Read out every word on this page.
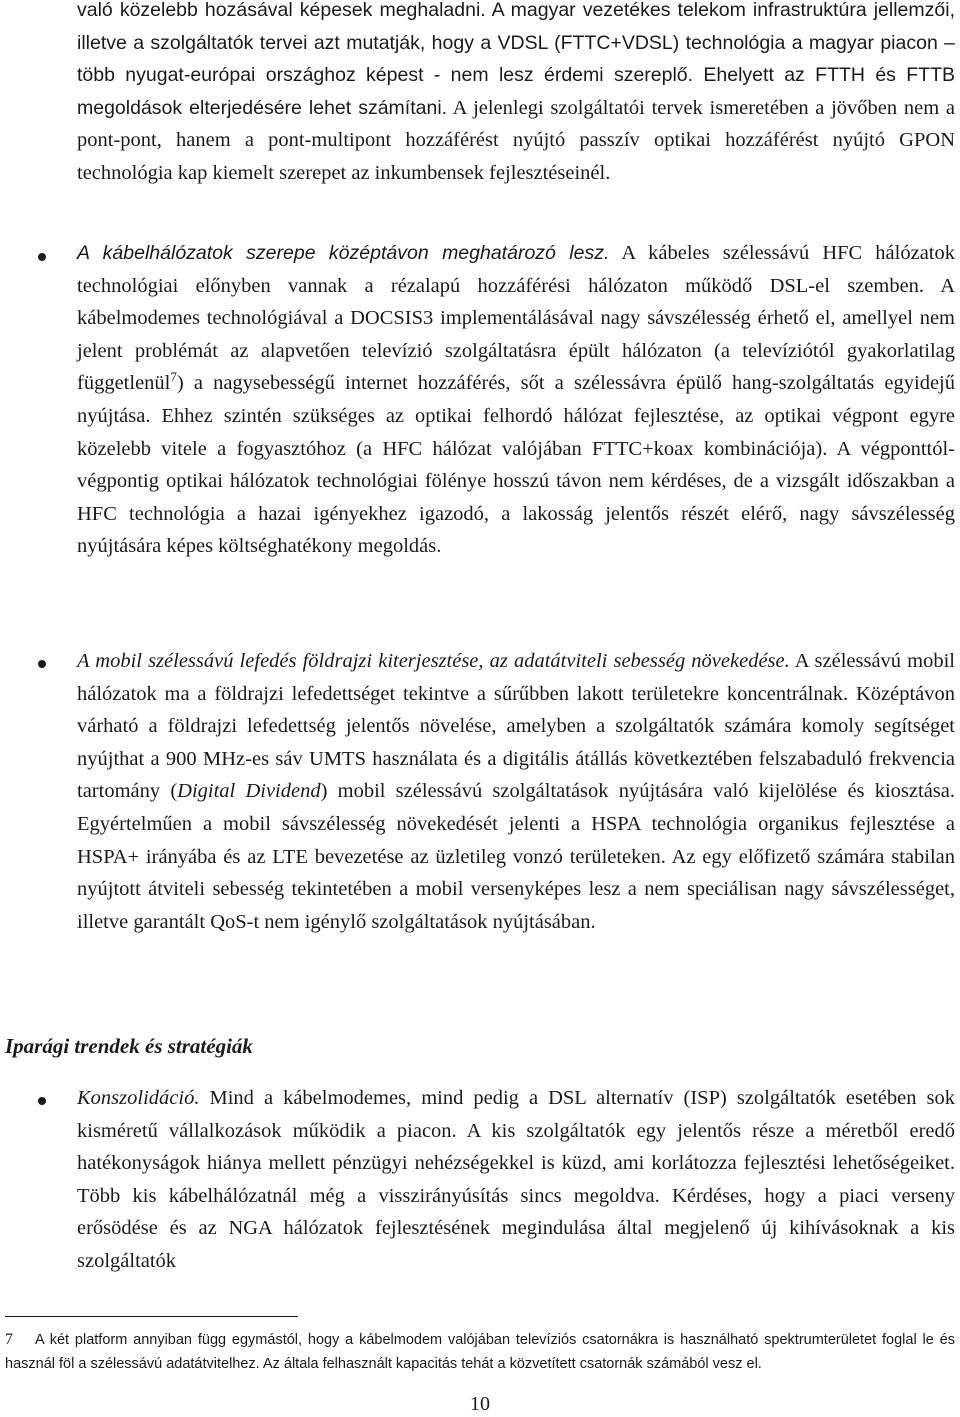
való közelebb hozásával képesek meghaladni. A magyar vezetékes telekom infrastruktúra jellemzői, illetve a szolgáltatók tervei azt mutatják, hogy a VDSL (FTTC+VDSL) technológia a magyar piacon – több nyugat-európai országhoz képest - nem lesz érdemi szereplő. Ehelyett az FTTH és FTTB megoldások elterjedésére lehet számítani. A jelenlegi szolgáltatói tervek ismeretében a jövőben nem a pont-pont, hanem a pont-multipont hozzáférést nyújtó passzív optikai hozzáférést nyújtó GPON technológia kap kiemelt szerepet az inkumbensek fejlesztéseinél.
A kábelhálózatok szerepe középtávon meghatározó lesz. A kábeles szélessávú HFC hálózatok technológiai előnyben vannak a rézalapú hozzáférési hálózaton működő DSL-el szemben. A kábelmodemes technológiával a DOCSIS3 implementálásával nagy sávszélesség érhető el, amellyel nem jelent problémát az alapvetően televízió szolgáltatásra épült hálózaton (a televíziótól gyakorlatilag függetlenül$^7$) a nagysebességű internet hozzáférés, sőt a szélessávra épülő hang-szolgáltatás egyidejű nyújtása. Ehhez szintén szükséges az optikai felhordó hálózat fejlesztése, az optikai végpont egyre közelebb vitele a fogyasztóhoz (a HFC hálózat valójában FTTC+koax kombinációja). A végponttól-végpontig optikai hálózatok technológiai fölénye hosszú távon nem kérdéses, de a vizsgált időszakban a HFC technológia a hazai igényekhez igazodó, a lakosság jelentős részét elérő, nagy sávszélesség nyújtására képes költséghatékony megoldás.
A mobil szélessávú lefedés földrajzi kiterjesztése, az adatátviteli sebesség növekedése. A szélessávú mobil hálózatok ma a földrajzi lefedettséget tekintve a sűrűbben lakott területekre koncentrálnak. Középtávon várható a földrajzi lefedettség jelentős növelése, amelyben a szolgáltatók számára komoly segítséget nyújthat a 900 MHz-es sáv UMTS használata és a digitális átállás következtében felszabaduló frekvencia tartomány (Digital Dividend) mobil szélessávú szolgáltatások nyújtására való kijelölése és kiosztása. Egyértelműen a mobil sávszélesség növekedését jelenti a HSPA technológia organikus fejlesztése a HSPA+ irányába és az LTE bevezetése az üzletileg vonzó területeken. Az egy előfizető számára stabilan nyújtott átviteli sebesség tekintetében a mobil versenyképes lesz a nem speciálisan nagy sávszélességet, illetve garantált QoS-t nem igénylő szolgáltatások nyújtásában.
Iparági trendek és stratégiák
Konszolidáció. Mind a kábelmodemes, mind pedig a DSL alternatív (ISP) szolgáltatók esetében sok kisméretű vállalkozások működik a piacon. A kis szolgáltatók egy jelentős része a méretből eredő hatékonyságok hiánya mellett pénzügyi nehézségekkel is küzd, ami korlátozza fejlesztési lehetőségeiket. Több kis kábelhálózatnál még a visszirányúsítás sincs megoldva. Kérdéses, hogy a piaci verseny erősödése és az NGA hálózatok fejlesztésének megindulása által megjelenő új kihívásoknak a kis szolgáltatók
7 A két platform annyiban függ egymástól, hogy a kábelmodem valójában televíziós csatornákra is használható spektrumterületet foglal le és használ föl a szélessávú adatátvitelhez. Az általa felhasznált kapacitás tehát a közvetített csatornák számából vesz el.
10
